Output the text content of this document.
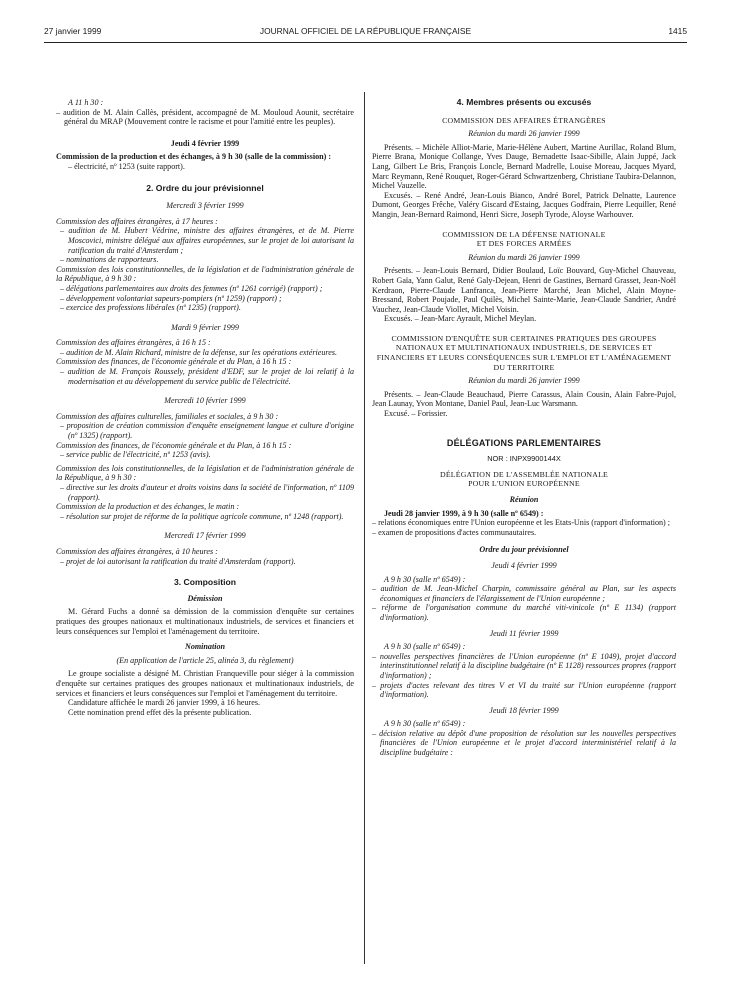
27 janvier 1999	JOURNAL OFFICIEL DE LA RÉPUBLIQUE FRANÇAISE	1415

A 11 h 30 :

– audition de M. Alain Callès, président, accompagné de M. Mouloud Aounit, secrétaire général du MRAP (Mouvement contre le racisme et pour l'amitié entre les peuples).

Jeudi 4 février 1999

Commission de la production et des échanges, à 9 h 30 (salle de la commission) :

– électricité, nº 1253 (suite rapport).

2. Ordre du jour prévisionnel

Mercredi 3 février 1999

Commission des affaires étrangères, à 17 heures :

– audition de M. Hubert Védrine, ministre des affaires étrangères, et de M. Pierre Moscovici, ministre délégué aux affaires européennes, sur le projet de loi autorisant la ratification du traité d'Amsterdam ;

– nominations de rapporteurs.

Commission des lois constitutionnelles, de la législation et de l'administration générale de la République, à 9 h 30 :

– délégations parlementaires aux droits des femmes (nº 1261 corrigé) (rapport) ;

– développement volontariat sapeurs-pompiers (nº 1259) (rapport) ;

– exercice des professions libérales (nº 1235) (rapport).

Mardi 9 février 1999

Commission des affaires étrangères, à 16 h 15 :

– audition de M. Alain Richard, ministre de la défense, sur les opérations extérieures.

Commission des finances, de l'économie générale et du Plan, à 16 h 15 :

– audition de M. François Roussely, président d'EDF, sur le projet de loi relatif à la modernisation et au développement du service public de l'électricité.

Mercredi 10 février 1999

Commission des affaires culturelles, familiales et sociales, à 9 h 30 :

– proposition de création commission d'enquête enseignement langue et culture d'origine (nº 1325) (rapport).

Commission des finances, de l'économie générale et du Plan, à 16 h 15 :

– service public de l'électricité, nº 1253 (avis).

Commission des lois constitutionnelles, de la législation et de l'administration générale de la République, à 9 h 30 :

– directive sur les droits d'auteur et droits voisins dans la société de l'information, nº 1109 (rapport).

Commission de la production et des échanges, le matin :

– résolution sur projet de réforme de la politique agricole commune, nº 1248 (rapport).

Mercredi 17 février 1999

Commission des affaires étrangères, à 10 heures :

– projet de loi autorisant la ratification du traité d'Amsterdam (rapport).

3. Composition

Démission

M. Gérard Fuchs a donné sa démission de la commission d'enquête sur certaines pratiques des groupes nationaux et multinationaux industriels, de services et financiers et leurs conséquences sur l'emploi et l'aménagement du territoire.

Nomination

(En application de l'article 25, alinéa 3, du règlement)

Le groupe socialiste a désigné M. Christian Franqueville pour siéger à la commission d'enquête sur certaines pratiques des groupes nationaux et multinationaux industriels, de services et financiers et leurs conséquences sur l'emploi et l'aménagement du territoire.

Candidature affichée le mardi 26 janvier 1999, à 16 heures.

Cette nomination prend effet dès la présente publication.

4. Membres présents ou excusés

COMMISSION DES AFFAIRES ÉTRANGÈRES

Réunion du mardi 26 janvier 1999

Présents. – Michèle Alliot-Marie, Marie-Hélène Aubert, Martine Aurillac, Roland Blum, Pierre Brana, Monique Collange, Yves Dauge, Bernadette Isaac-Sibille, Alain Juppé, Jack Lang, Gilbert Le Bris, François Loncle, Bernard Madrelle, Louise Moreau, Jacques Myard, Marc Reymann, René Rouquet, Roger-Gérard Schwartzenberg, Christiane Taubira-Delannon, Michel Vauzelle.

Excusés. – René André, Jean-Louis Bianco, André Borel, Patrick Delnatte, Laurence Dumont, Georges Frêche, Valéry Giscard d'Estaing, Jacques Godfrain, Pierre Lequiller, René Mangin, Jean-Bernard Raimond, Henri Sicre, Joseph Tyrode, Aloyse Warhouver.

COMMISSION DE LA DÉFENSE NATIONALE

ET DES FORCES ARMÉES

Réunion du mardi 26 janvier 1999

Présents. – Jean-Louis Bernard, Didier Boulaud, Loïc Bouvard, Guy-Michel Chauveau, Robert Gaïa, Yann Galut, René Galy-Dejean, Henri de Gastines, Bernard Grasset, Jean-Noël Kerdraon, Pierre-Claude Lanfranca, Jean-Pierre Marché, Jean Michel, Alain Moyne-Bressand, Robert Poujade, Paul Quilès, Michel Sainte-Marie, Jean-Claude Sandrier, André Vauchez, Jean-Claude Viollet, Michel Voisin.

Excusés. – Jean-Marc Ayrault, Michel Meylan.

COMMISSION D'ENQUÊTE SUR CERTAINES PRATIQUES DES GROUPES NATIONAUX ET MULTINATIONAUX INDUSTRIELS, DE SERVICES ET FINANCIERS ET LEURS CONSÉQUENCES SUR L'EMPLOI ET L'AMÉNAGEMENT DU TERRITOIRE

Réunion du mardi 26 janvier 1999

Présents. – Jean-Claude Beauchaud, Pierre Carassus, Alain Cousin, Alain Fabre-Pujol, Jean Launay, Yvon Montane, Daniel Paul, Jean-Luc Warsmann.

Excusé. – Forissier.

DÉLÉGATIONS PARLEMENTAIRES

NOR : INPX9900144X

DÉLÉGATION DE L'ASSEMBLÉE NATIONALE

POUR L'UNION EUROPÉENNE

Réunion

Jeudi 28 janvier 1999, à 9 h 30 (salle nº 6549) :

– relations économiques entre l'Union européenne et les Etats-Unis (rapport d'information) ;

– examen de propositions d'actes communautaires.

Ordre du jour prévisionnel

Jeudi 4 février 1999

A 9 h 30 (salle nº 6549) :

– audition de M. Jean-Michel Charpin, commissaire général au Plan, sur les aspects économiques et financiers de l'élargissement de l'Union européenne ;

– réforme de l'organisation commune du marché viti-vinicole (nº E 1134) (rapport d'information).

Jeudi 11 février 1999

A 9 h 30 (salle nº 6549) :

– nouvelles perspectives financières de l'Union européenne (nº E 1049), projet d'accord interinstitutionnel relatif à la discipline budgétaire (nº E 1128) ressources propres (rapport d'information) ;

– projets d'actes relevant des titres V et VI du traité sur l'Union européenne (rapport d'information).

Jeudi 18 février 1999

A 9 h 30 (salle nº 6549) :

– décision relative au dépôt d'une proposition de résolution sur les nouvelles perspectives financières de l'Union européenne et le projet d'accord interministériel relatif à la discipline budgétaire :
